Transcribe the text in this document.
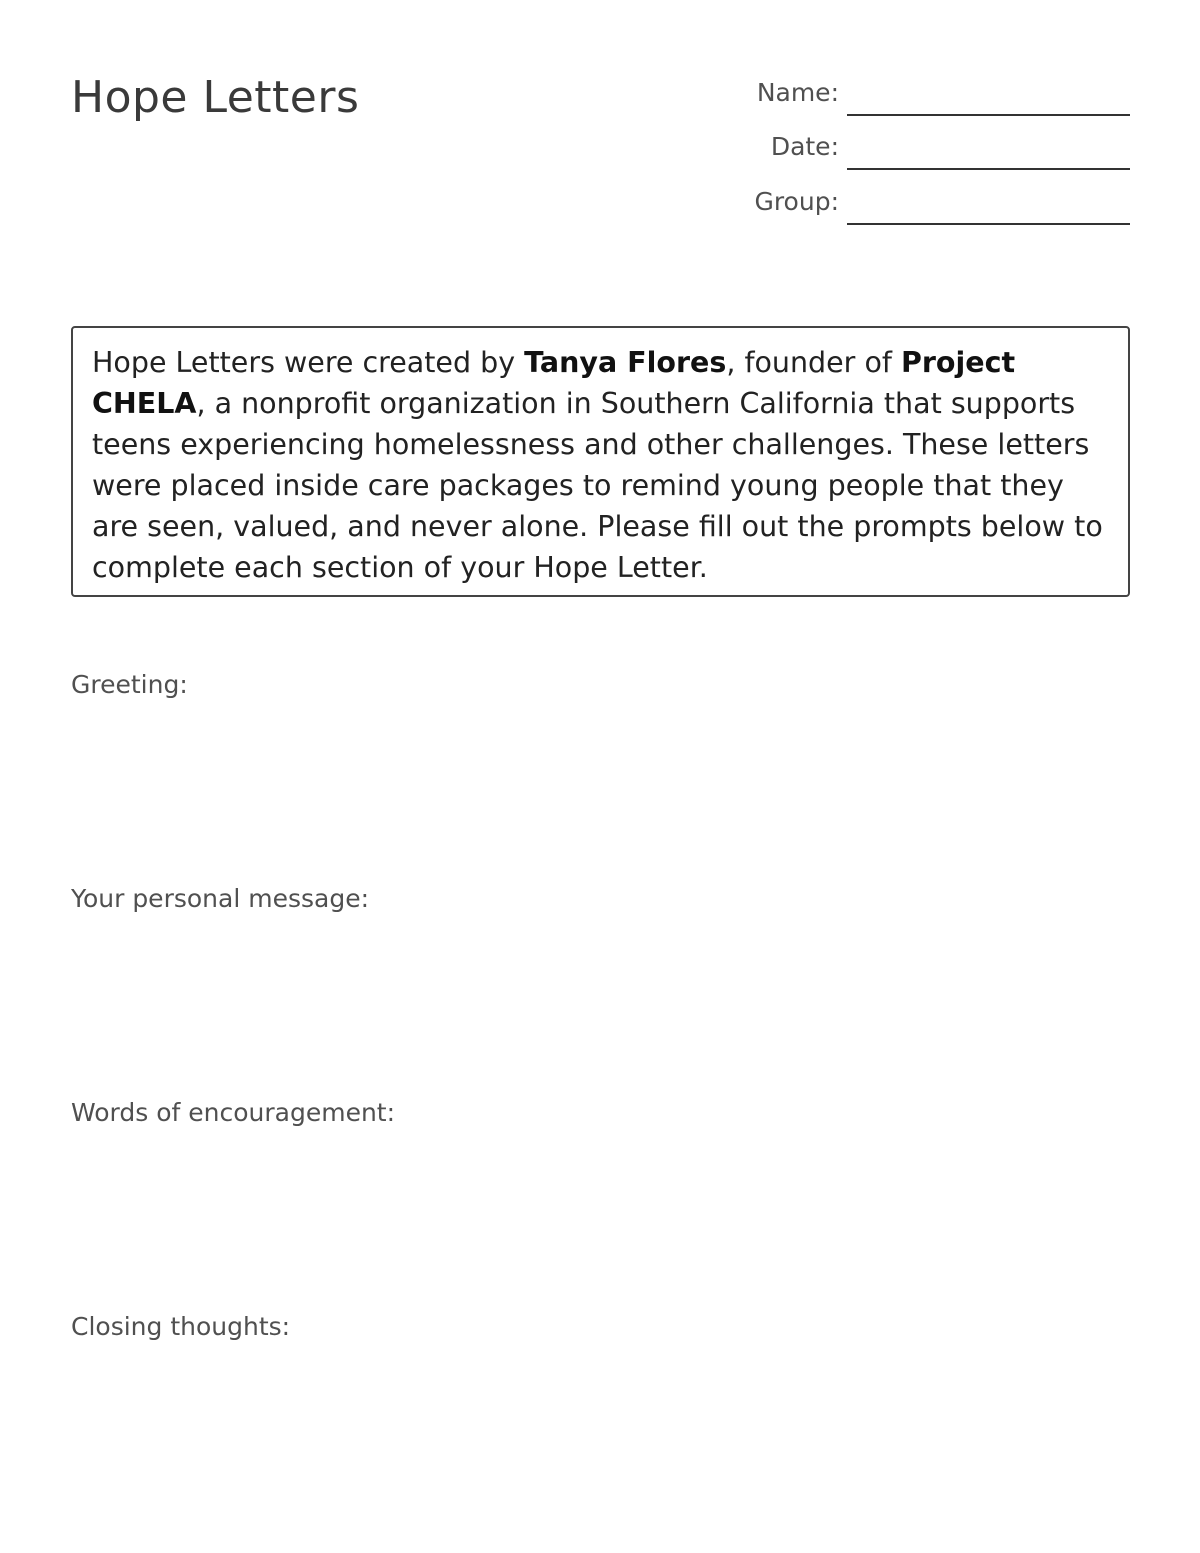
Hope Letters	Name:
Date:
Group:
Hope Letters were created by Tanya Flores, founder of Project CHELA, a nonprofit organization in Southern California that supports teens experiencing homelessness and other challenges. These letters were placed inside care packages to remind young people that they are seen, valued, and never alone. Please fill out the prompts below to complete each section of your Hope Letter.
Greeting:
Your personal message:
Words of encouragement:
Closing thoughts:
